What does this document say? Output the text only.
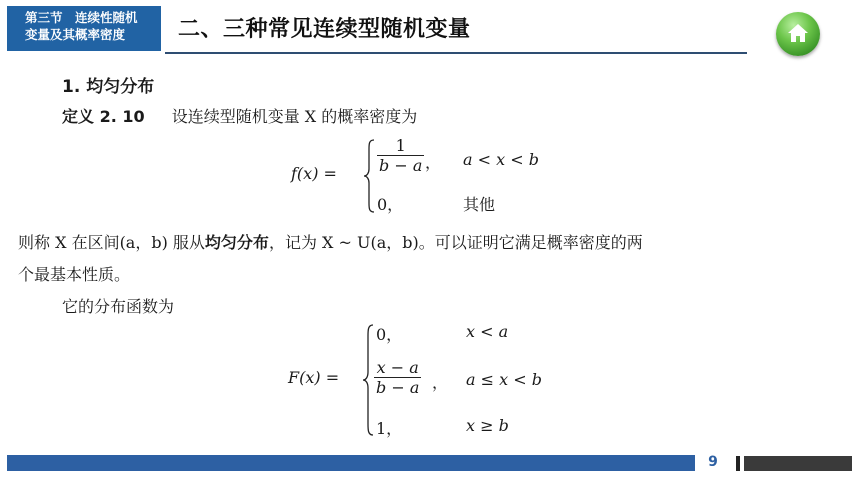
第三节　连续性随机
变量及其概率密度	二、三种常见连续型随机变量
1. 均匀分布
定义 2. 10 设连续型随机变量 X 的概率密度为
f(x) =	$\frac{1}{b - a}$ ， a < x < b
0，	其他
则称 X 在区间(a，b) 服从均匀分布，记为 X ~ U(a，b)。可以证明它满足概率密度的两
个最基本性质。
它的分布函数为
F(x) =
0，	x < a
$\frac{x - a}{b - a}$ ， a ≤ x < b
1，	x ≥ b
9
